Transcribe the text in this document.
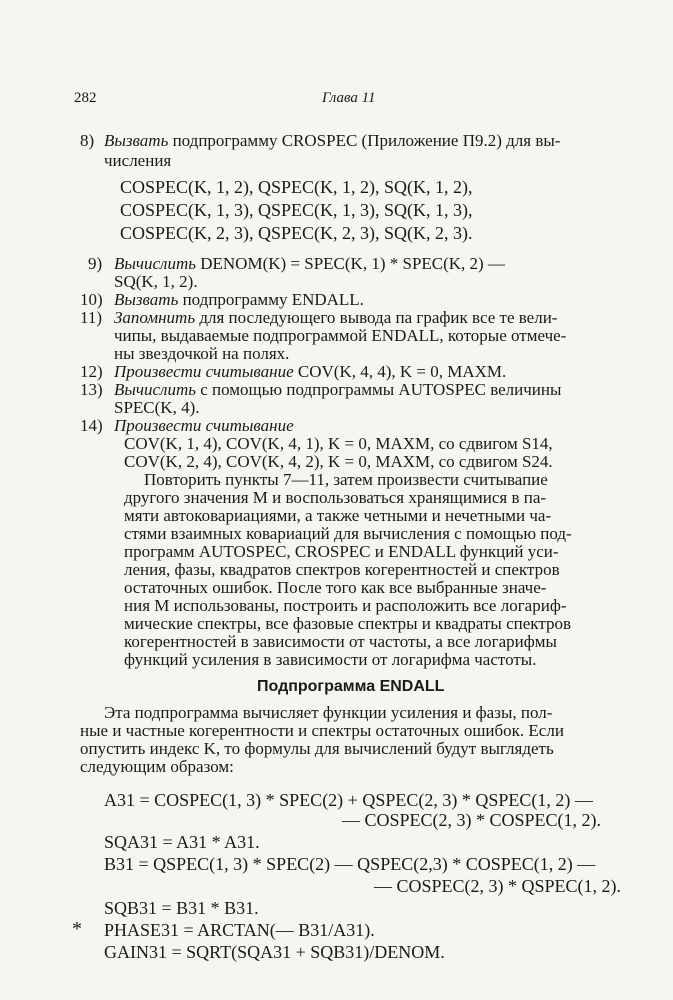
282	Глава 11
8) Вызвать подпрограмму CROSPEC (Приложение П9.2) для вы-
числения
COSPEC(K, 1, 2), QSPEC(K, 1, 2), SQ(K, 1, 2),
COSPEC(K, 1, 3), QSPEC(K, 1, 3), SQ(K, 1, 3),
COSPEC(K, 2, 3), QSPEC(K, 2, 3), SQ(K, 2, 3).
9) Вычислить DENOM(K) = SPEC(K, 1) * SPEC(K, 2) —
SQ(K, 1, 2).
10) Вызвать подпрограмму ENDALL.
11) Запомнить для последующего вывода па график все те вели-
чипы, выдаваемые подпрограммой ENDALL, которые отмече-
ны звездочкой на полях.
12) Произвести считывание COV(K, 4, 4), K = 0, MAXM.
13) Вычислить с помощью подпрограммы AUTOSPEC величины
SPEC(K, 4).
14) Произвести считывание
COV(K, 1, 4), COV(K, 4, 1), K = 0, MAXM, со сдвигом S14,
COV(K, 2, 4), COV(K, 4, 2), K = 0, MAXM, со сдвигом S24.
Повторить пункты 7—11, затем произвести считывапие
другого значения M и воспользоваться хранящимися в па-
мяти автоковариациями, а также четными и нечетными ча-
стями взаимных ковариаций для вычисления с помощью под-
программ AUTOSPEC, CROSPEC и ENDALL функций уси-
ления, фазы, квадратов спектров когерентностей и спектров
остаточных ошибок. После того как все выбранные значе-
ния M использованы, построить и расположить все логариф-
мические спектры, все фазовые спектры и квадраты спектров
когерентностей в зависимости от частоты, а все логарифмы
функций усиления в зависимости от логарифма частоты.
Подпрограмма ENDALL
Эта подпрограмма вычисляет функции усиления и фазы, пол-
ные и частные когерентности и спектры остаточных ошибок. Если
опустить индекс K, то формулы для вычислений будут выглядеть
следующим образом:
A31 = COSPEC(1, 3) * SPEC(2) + QSPEC(2, 3) * QSPEC(1, 2) —
— COSPEC(2, 3) * COSPEC(1, 2).
SQA31 = A31 * A31.
B31 = QSPEC(1, 3) * SPEC(2) — QSPEC(2,3) * COSPEC(1, 2) —
— COSPEC(2, 3) * QSPEC(1, 2).
SQB31 = B31 * B31.
* PHASE31 = ARCTAN(— B31/A31).
GAIN31 = SQRT(SQA31 + SQB31)/DENOM.
